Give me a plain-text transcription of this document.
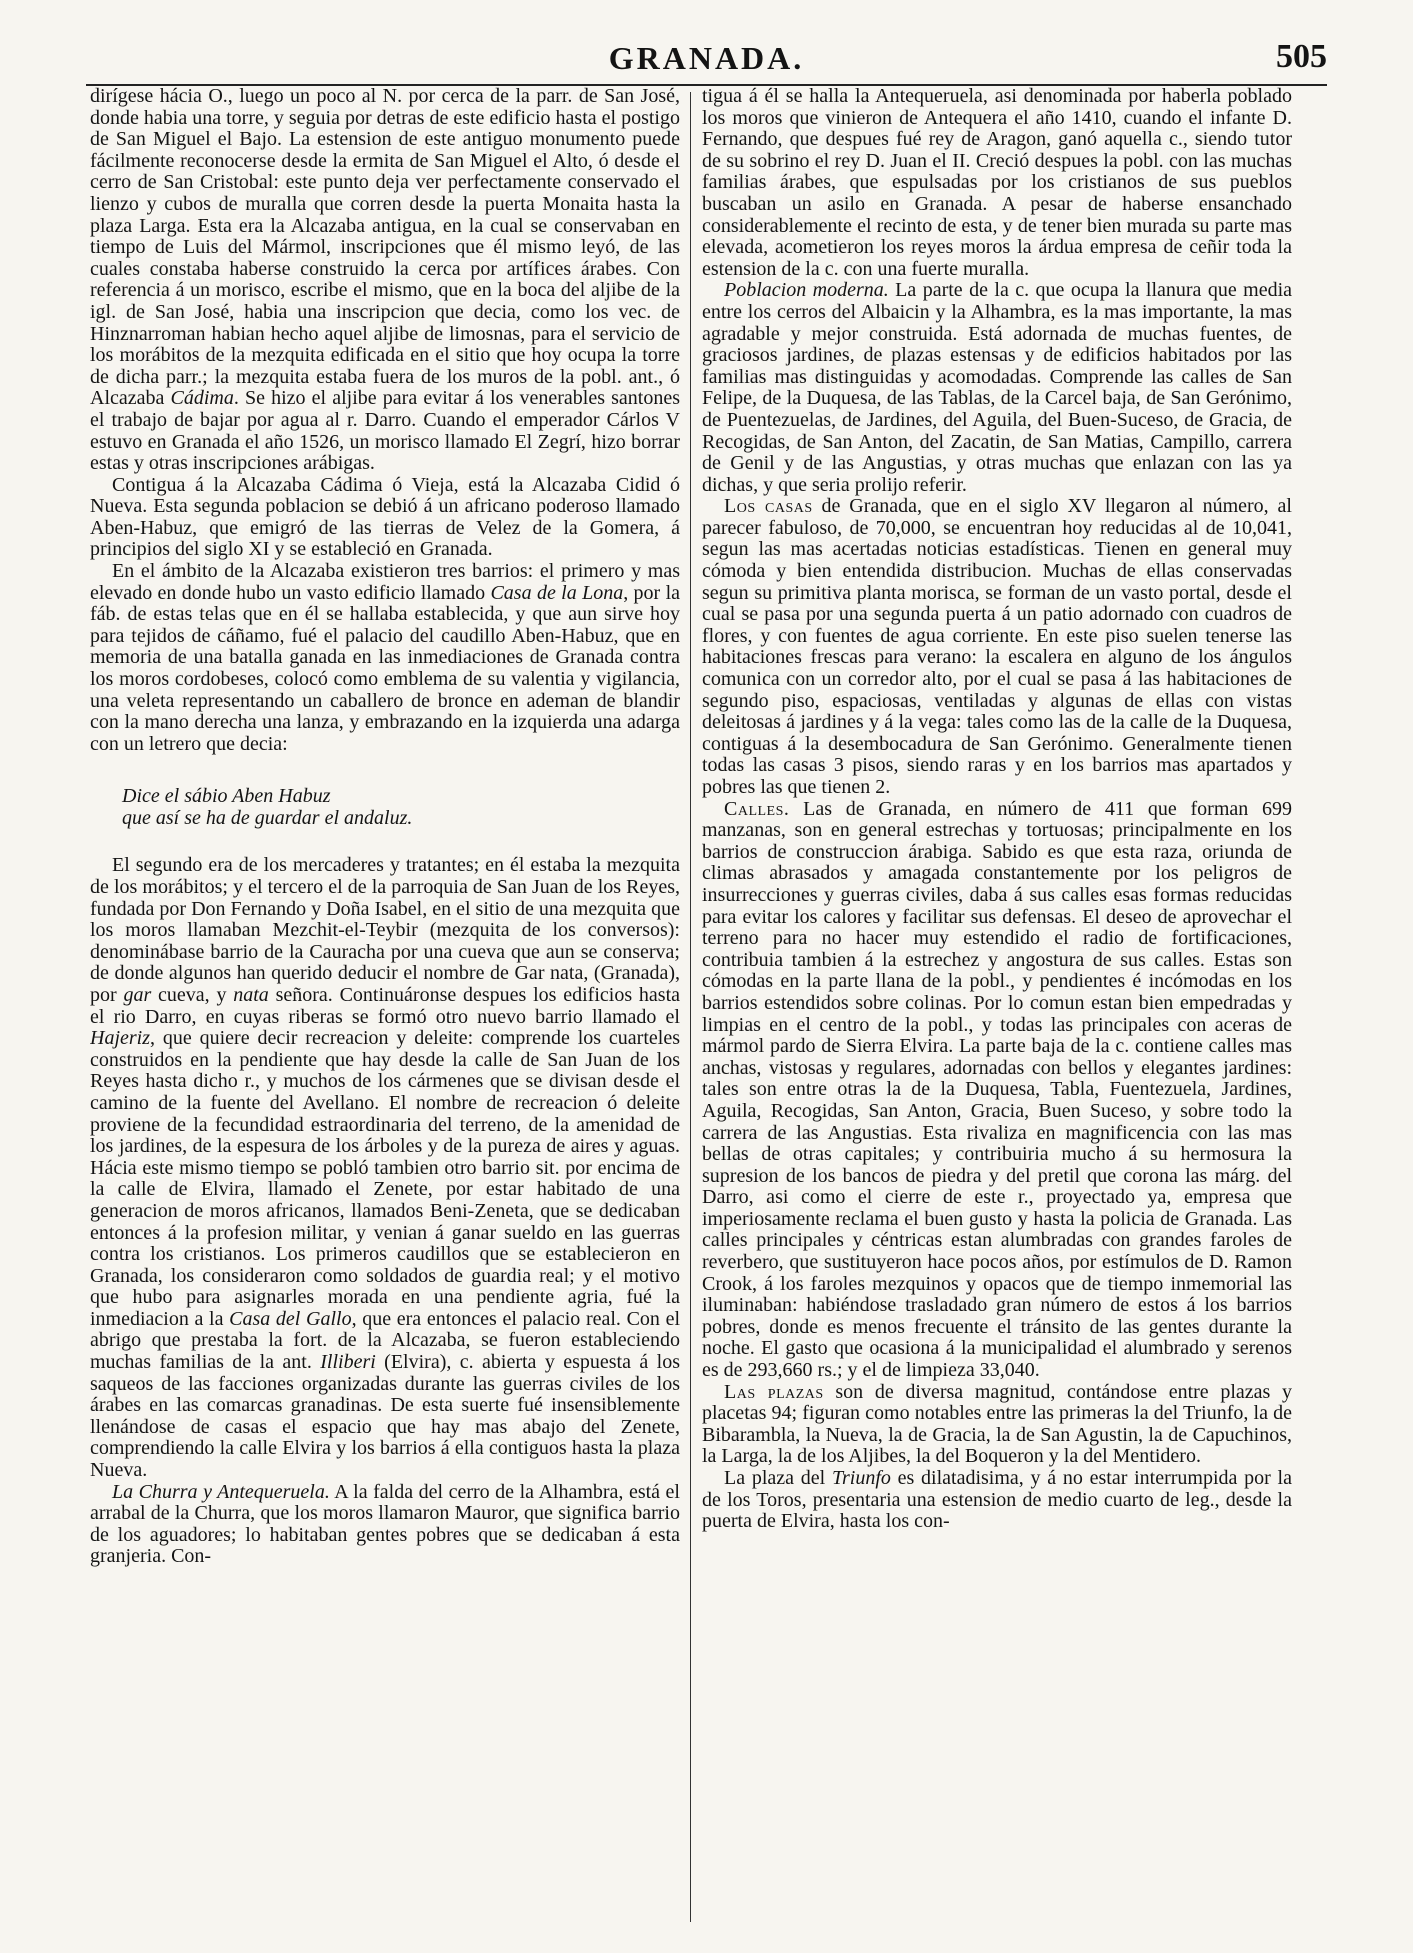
GRANADA.	505

dirígese hácia O., luego un poco al N. por cerca de la parr. de San José, donde habia una torre, y seguia por detras de este edificio hasta el postigo de San Miguel el Bajo. La estension de este antiguo monumento puede fácilmente reconocerse desde la ermita de San Miguel el Alto, ó desde el cerro de San Cristobal: este punto deja ver perfectamente conservado el lienzo y cubos de muralla que corren desde la puerta Monaita hasta la plaza Larga. Esta era la Alcazaba antigua, en la cual se conservaban en tiempo de Luis del Mármol, inscripciones que él mismo leyó, de las cuales constaba haberse construido la cerca por artífices árabes. Con referencia á un morisco, escribe el mismo, que en la boca del aljibe de la igl. de San José, habia una inscripcion que decia, como los vec. de Hinznarroman habian hecho aquel aljibe de limosnas, para el servicio de los morábitos de la mezquita edificada en el sitio que hoy ocupa la torre de dicha parr.; la mezquita estaba fuera de los muros de la pobl. ant., ó Alcazaba Cádima. Se hizo el aljibe para evitar á los venerables santones el trabajo de bajar por agua al r. Darro. Cuando el emperador Cárlos V estuvo en Granada el año 1526, un morisco llamado El Zegrí, hizo borrar estas y otras inscripciones arábigas.

Contigua á la Alcazaba Cádima ó Vieja, está la Alcazaba Cidid ó Nueva. Esta segunda poblacion se debió á un africano poderoso llamado Aben-Habuz, que emigró de las tierras de Velez de la Gomera, á principios del siglo XI y se estableció en Granada.

En el ámbito de la Alcazaba existieron tres barrios: el primero y mas elevado en donde hubo un vasto edificio llamado Casa de la Lona, por la fáb. de estas telas que en él se hallaba establecida, y que aun sirve hoy para tejidos de cáñamo, fué el palacio del caudillo Aben-Habuz, que en memoria de una batalla ganada en las inmediaciones de Granada contra los moros cordobeses, colocó como emblema de su valentia y vigilancia, una veleta representando un caballero de bronce en ademan de blandir con la mano derecha una lanza, y embrazando en la izquierda una adarga con un letrero que decia:

Dice el sábio Aben Habuz
que así se ha de guardar el andaluz.

El segundo era de los mercaderes y tratantes; en él estaba la mezquita de los morábitos; y el tercero el de la parroquia de San Juan de los Reyes, fundada por Don Fernando y Doña Isabel, en el sitio de una mezquita que los moros llamaban Mezchit-el-Teybir (mezquita de los conversos): denominábase barrio de la Cauracha por una cueva que aun se conserva; de donde algunos han querido deducir el nombre de Gar nata, (Granada), por gar cueva, y nata señora. Continuáronse despues los edificios hasta el rio Darro, en cuyas riberas se formó otro nuevo barrio llamado el Hajeriz, que quiere decir recreacion y deleite: comprende los cuarteles construidos en la pendiente que hay desde la calle de San Juan de los Reyes hasta dicho r., y muchos de los cármenes que se divisan desde el camino de la fuente del Avellano. El nombre de recreacion ó deleite proviene de la fecundidad estraordinaria del terreno, de la amenidad de los jardines, de la espesura de los árboles y de la pureza de aires y aguas. Hácia este mismo tiempo se pobló tambien otro barrio sit. por encima de la calle de Elvira, llamado el Zenete, por estar habitado de una generacion de moros africanos, llamados Beni-Zeneta, que se dedicaban entonces á la profesion militar, y venian á ganar sueldo en las guerras contra los cristianos. Los primeros caudillos que se establecieron en Granada, los consideraron como soldados de guardia real; y el motivo que hubo para asignarles morada en una pendiente agria, fué la inmediacion a la Casa del Gallo, que era entonces el palacio real. Con el abrigo que prestaba la fort. de la Alcazaba, se fueron estableciendo muchas familias de la ant. Illiberi (Elvira), c. abierta y espuesta á los saqueos de las facciones organizadas durante las guerras civiles de los árabes en las comarcas granadinas. De esta suerte fué insensiblemente llenándose de casas el espacio que hay mas abajo del Zenete, comprendiendo la calle Elvira y los barrios á ella contiguos hasta la plaza Nueva.

La Churra y Antequeruela. A la falda del cerro de la Alhambra, está el arrabal de la Churra, que los moros llamaron Mauror, que significa barrio de los aguadores; lo habitaban gentes pobres que se dedicaban á esta granjeria. Con-

tigua á él se halla la Antequeruela, asi denominada por haberla poblado los moros que vinieron de Antequera el año 1410, cuando el infante D. Fernando, que despues fué rey de Aragon, ganó aquella c., siendo tutor de su sobrino el rey D. Juan el II. Creció despues la pobl. con las muchas familias árabes, que espulsadas por los cristianos de sus pueblos buscaban un asilo en Granada. A pesar de haberse ensanchado considerablemente el recinto de esta, y de tener bien murada su parte mas elevada, acometieron los reyes moros la árdua empresa de ceñir toda la estension de la c. con una fuerte muralla.

Poblacion moderna. La parte de la c. que ocupa la llanura que media entre los cerros del Albaicin y la Alhambra, es la mas importante, la mas agradable y mejor construida. Está adornada de muchas fuentes, de graciosos jardines, de plazas estensas y de edificios habitados por las familias mas distinguidas y acomodadas. Comprende las calles de San Felipe, de la Duquesa, de las Tablas, de la Carcel baja, de San Gerónimo, de Puentezuelas, de Jardines, del Aguila, del Buen-Suceso, de Gracia, de Recogidas, de San Anton, del Zacatin, de San Matias, Campillo, carrera de Genil y de las Angustias, y otras muchas que enlazan con las ya dichas, y que seria prolijo referir.

Los casas de Granada, que en el siglo XV llegaron al número, al parecer fabuloso, de 70,000, se encuentran hoy reducidas al de 10,041, segun las mas acertadas noticias estadísticas. Tienen en general muy cómoda y bien entendida distribucion. Muchas de ellas conservadas segun su primitiva planta morisca, se forman de un vasto portal, desde el cual se pasa por una segunda puerta á un patio adornado con cuadros de flores, y con fuentes de agua corriente. En este piso suelen tenerse las habitaciones frescas para verano: la escalera en alguno de los ángulos comunica con un corredor alto, por el cual se pasa á las habitaciones de segundo piso, espaciosas, ventiladas y algunas de ellas con vistas deleitosas á jardines y á la vega: tales como las de la calle de la Duquesa, contiguas á la desembocadura de San Gerónimo. Generalmente tienen todas las casas 3 pisos, siendo raras y en los barrios mas apartados y pobres las que tienen 2.

Calles. Las de Granada, en número de 411 que forman 699 manzanas, son en general estrechas y tortuosas; principalmente en los barrios de construccion árabiga. Sabido es que esta raza, oriunda de climas abrasados y amagada constantemente por los peligros de insurrecciones y guerras civiles, daba á sus calles esas formas reducidas para evitar los calores y facilitar sus defensas. El deseo de aprovechar el terreno para no hacer muy estendido el radio de fortificaciones, contribuia tambien á la estrechez y angostura de sus calles. Estas son cómodas en la parte llana de la pobl., y pendientes é incómodas en los barrios estendidos sobre colinas. Por lo comun estan bien empedradas y limpias en el centro de la pobl., y todas las principales con aceras de mármol pardo de Sierra Elvira. La parte baja de la c. contiene calles mas anchas, vistosas y regulares, adornadas con bellos y elegantes jardines: tales son entre otras la de la Duquesa, Tabla, Fuentezuela, Jardines, Aguila, Recogidas, San Anton, Gracia, Buen Suceso, y sobre todo la carrera de las Angustias. Esta rivaliza en magnificencia con las mas bellas de otras capitales; y contribuiria mucho á su hermosura la supresion de los bancos de piedra y del pretil que corona las márg. del Darro, asi como el cierre de este r., proyectado ya, empresa que imperiosamente reclama el buen gusto y hasta la policia de Granada. Las calles principales y céntricas estan alumbradas con grandes faroles de reverbero, que sustituyeron hace pocos años, por estímulos de D. Ramon Crook, á los faroles mezquinos y opacos que de tiempo inmemorial las iluminaban: habiéndose trasladado gran número de estos á los barrios pobres, donde es menos frecuente el tránsito de las gentes durante la noche. El gasto que ocasiona á la municipalidad el alumbrado y serenos es de 293,660 rs.; y el de limpieza 33,040.

Las plazas son de diversa magnitud, contándose entre plazas y placetas 94; figuran como notables entre las primeras la del Triunfo, la de Bibarambla, la Nueva, la de Gracia, la de San Agustin, la de Capuchinos, la Larga, la de los Aljibes, la del Boqueron y la del Mentidero.

La plaza del Triunfo es dilatadisima, y á no estar interrumpida por la de los Toros, presentaria una estension de medio cuarto de leg., desde la puerta de Elvira, hasta los con-
